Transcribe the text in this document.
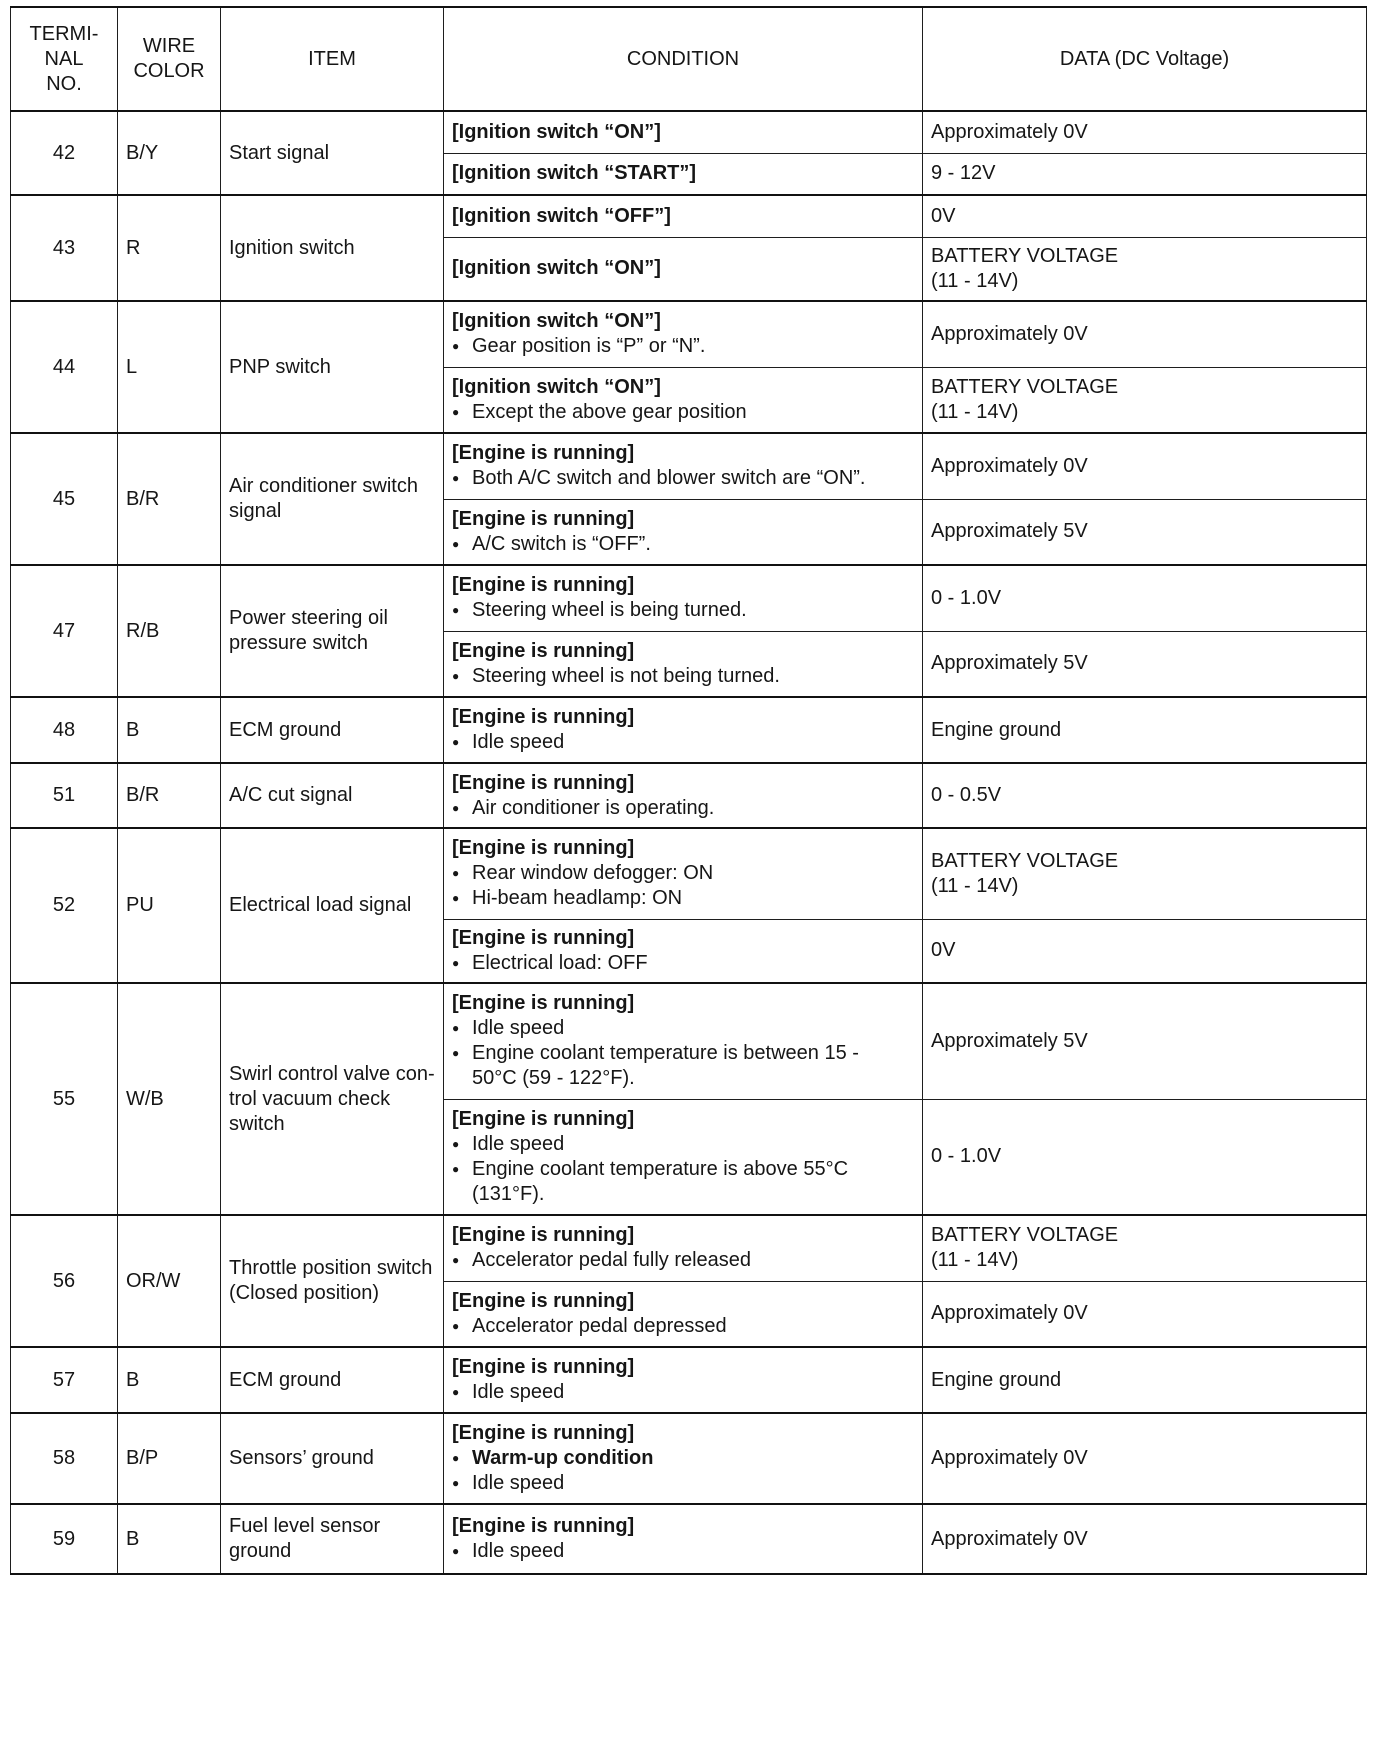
TERMI-
NAL
NO.	WIRE
COLOR	ITEM	CONDITION	DATA (DC Voltage)
42	B/Y	Start signal	[Ignition switch “ON”]	Approximately 0V

			[Ignition switch “START”]	9 - 12V
43	R	Ignition switch	[Ignition switch “OFF”]	0V

			[Ignition switch “ON”]	BATTERY VOLTAGE
(11 - 14V)
44	L	PNP switch	[Ignition switch “ON”]
● Gear position is “P” or “N”.	Approximately 0V

			[Ignition switch “ON”]
● Except the above gear position	BATTERY VOLTAGE
(11 - 14V)
45	B/R	Air conditioner switch
signal	[Engine is running]
● Both A/C switch and blower switch are “ON”.	Approximately 0V

			[Engine is running]
● A/C switch is “OFF”.	Approximately 5V
47	R/B	Power steering oil
pressure switch	[Engine is running]
● Steering wheel is being turned.	0 - 1.0V

			[Engine is running]
● Steering wheel is not being turned.	Approximately 5V
48	B	ECM ground	[Engine is running]
● Idle speed	Engine ground
51	B/R	A/C cut signal	[Engine is running]
● Air conditioner is operating.	0 - 0.5V
52	PU	Electrical load signal	[Engine is running]
● Rear window defogger: ON
● Hi-beam headlamp: ON	BATTERY VOLTAGE
(11 - 14V)

			[Engine is running]
● Electrical load: OFF	0V
55	W/B	Swirl control valve con-
trol vacuum check
switch	[Engine is running]
● Idle speed
● Engine coolant temperature is between 15 -
50°C (59 - 122°F).	Approximately 5V

			[Engine is running]
● Idle speed
● Engine coolant temperature is above 55°C
(131°F).	0 - 1.0V
56	OR/W	Throttle position switch
(Closed position)	[Engine is running]
● Accelerator pedal fully released	BATTERY VOLTAGE
(11 - 14V)

			[Engine is running]
● Accelerator pedal depressed	Approximately 0V
57	B	ECM ground	[Engine is running]
● Idle speed	Engine ground
58	B/P	Sensors’ ground	[Engine is running]
● Warm-up condition
● Idle speed	Approximately 0V
59	B	Fuel level sensor
ground	[Engine is running]
● Idle speed	Approximately 0V
